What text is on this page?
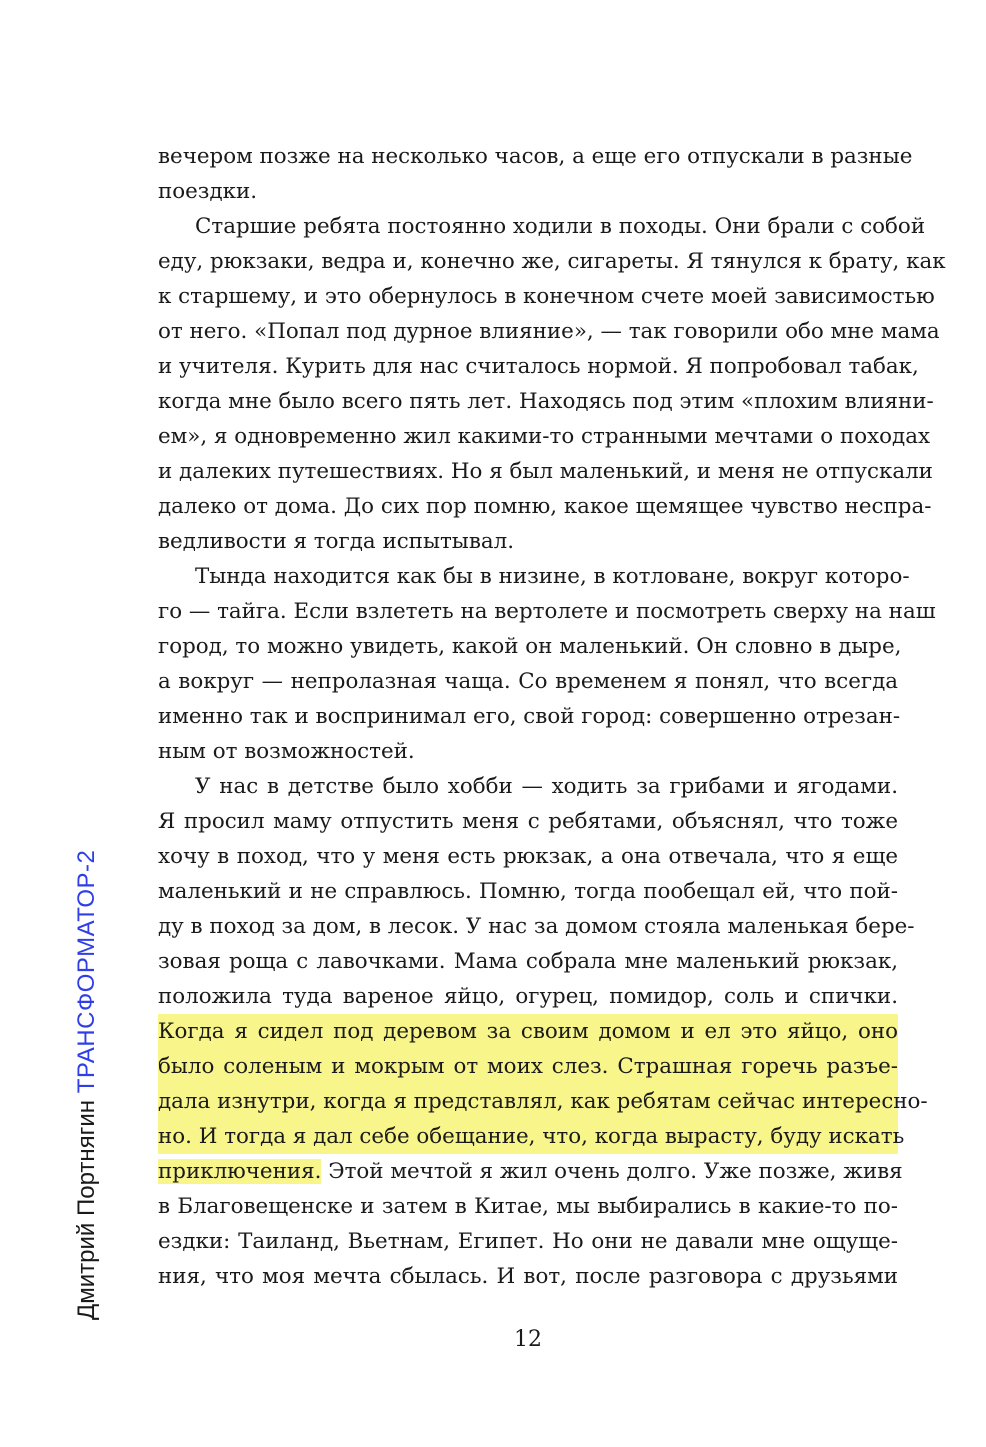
Дмитрий Портнягин ТРАНСФОРМАТОР-2
вечером позже на несколько часов, а еще его отпускали в разные
поездки.
Старшие ребята постоянно ходили в походы. Они брали с собой
еду, рюкзаки, ведра и, конечно же, сигареты. Я тянулся к брату, как
к старшему, и это обернулось в конечном счете моей зависимостью
от него. «Попал под дурное влияние», — так говорили обо мне мама
и учителя. Курить для нас считалось нормой. Я попробовал табак,
когда мне было всего пять лет. Находясь под этим «плохим влияни-
ем», я одновременно жил какими-то странными мечтами о походах
и далеких путешествиях. Но я был маленький, и меня не отпускали
далеко от дома. До сих пор помню, какое щемящее чувство неспра-
ведливости я тогда испытывал.
Тында находится как бы в низине, в котловане, вокруг которо-
го — тайга. Если взлететь на вертолете и посмотреть сверху на наш
город, то можно увидеть, какой он маленький. Он словно в дыре,
а вокруг — непролазная чаща. Со временем я понял, что всегда
именно так и воспринимал его, свой город: совершенно отрезан-
ным от возможностей.
У нас в детстве было хобби — ходить за грибами и ягодами.
Я просил маму отпустить меня с ребятами, объяснял, что тоже
хочу в поход, что у меня есть рюкзак, а она отвечала, что я еще
маленький и не справлюсь. Помню, тогда пообещал ей, что пой-
ду в поход за дом, в лесок. У нас за домом стояла маленькая бере-
зовая роща с лавочками. Мама собрала мне маленький рюкзак,
положила туда вареное яйцо, огурец, помидор, соль и спички.
Когда я сидел под деревом за своим домом и ел это яйцо, оно
было соленым и мокрым от моих слез. Страшная горечь разъе-
дала изнутри, когда я представлял, как ребятам сейчас интересно-
но. И тогда я дал себе обещание, что, когда вырасту, буду искать
приключения. Этой мечтой я жил очень долго. Уже позже, живя
в Благовещенске и затем в Китае, мы выбирались в какие-то по-
ездки: Таиланд, Вьетнам, Египет. Но они не давали мне ощуще-
ния, что моя мечта сбылась. И вот, после разговора с друзьями
12
